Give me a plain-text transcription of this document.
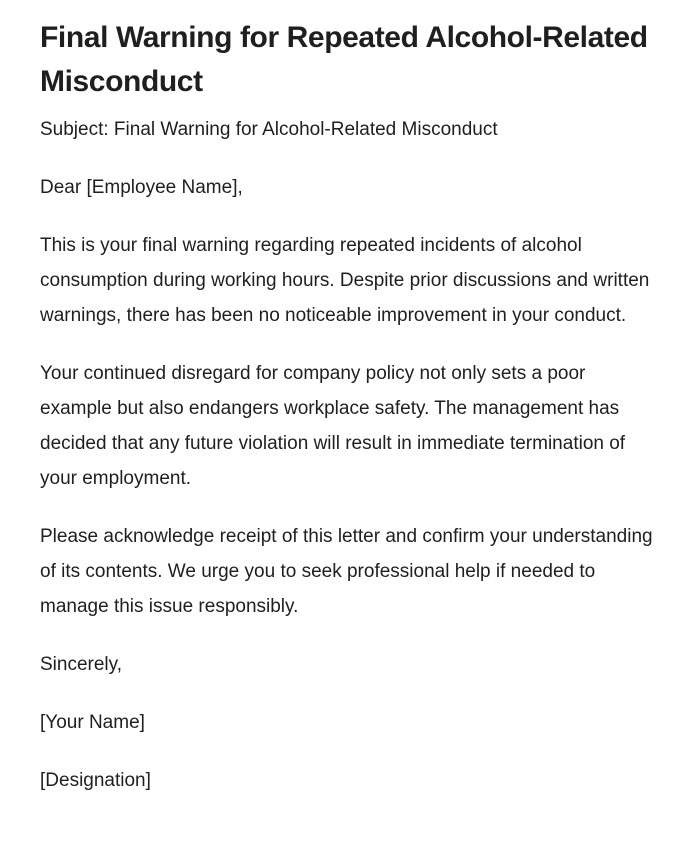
Final Warning for Repeated Alcohol-Related Misconduct

Subject: Final Warning for Alcohol-Related Misconduct

Dear [Employee Name],

This is your final warning regarding repeated incidents of alcohol consumption during working hours. Despite prior discussions and written warnings, there has been no noticeable improvement in your conduct.

Your continued disregard for company policy not only sets a poor example but also endangers workplace safety. The management has decided that any future violation will result in immediate termination of your employment.

Please acknowledge receipt of this letter and confirm your understanding of its contents. We urge you to seek professional help if needed to manage this issue responsibly.

Sincerely,

[Your Name]

[Designation]
